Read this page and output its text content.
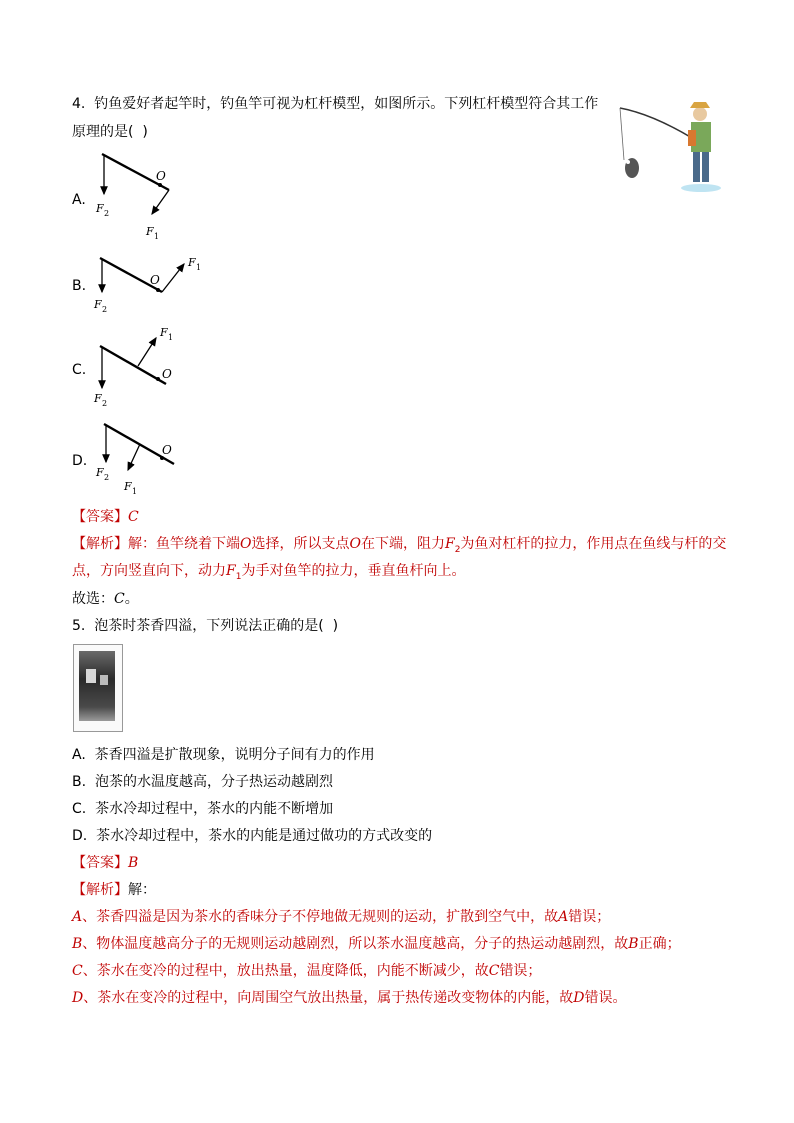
4.  钓鱼爱好者起竿时，钓鱼竿可视为杠杆模型，如图所示。下列杠杆模型符合其工作
原理的是(  )
A.
O
F 2
F 1
B.	O
F 2
F 1
C.	O
F 2
F 1
D.
O
F 2
F 1
【答案】C
【解析】解：鱼竿绕着下端O选择，所以支点O在下端，阻力$F_2$为鱼对杠杆的拉力，作用点在鱼线与杆的交
点，方向竖直向下，动力$F_1$为手对鱼竿的拉力，垂直鱼杆向上。
故选：C。
5.  泡茶时茶香四溢，下列说法正确的是(  )
A.  茶香四溢是扩散现象，说明分子间有力的作用
B.  泡茶的水温度越高，分子热运动越剧烈
C.  茶水冷却过程中，茶水的内能不断增加
D.  茶水冷却过程中，茶水的内能是通过做功的方式改变的
【答案】B
【解析】解：
A、茶香四溢是因为茶水的香味分子不停地做无规则的运动，扩散到空气中，故A错误；
B、物体温度越高分子的无规则运动越剧烈，所以茶水温度越高，分子的热运动越剧烈，故B正确；
C、茶水在变冷的过程中，放出热量，温度降低，内能不断减少，故C错误；
D、茶水在变冷的过程中，向周围空气放出热量，属于热传递改变物体的内能，故D错误。
